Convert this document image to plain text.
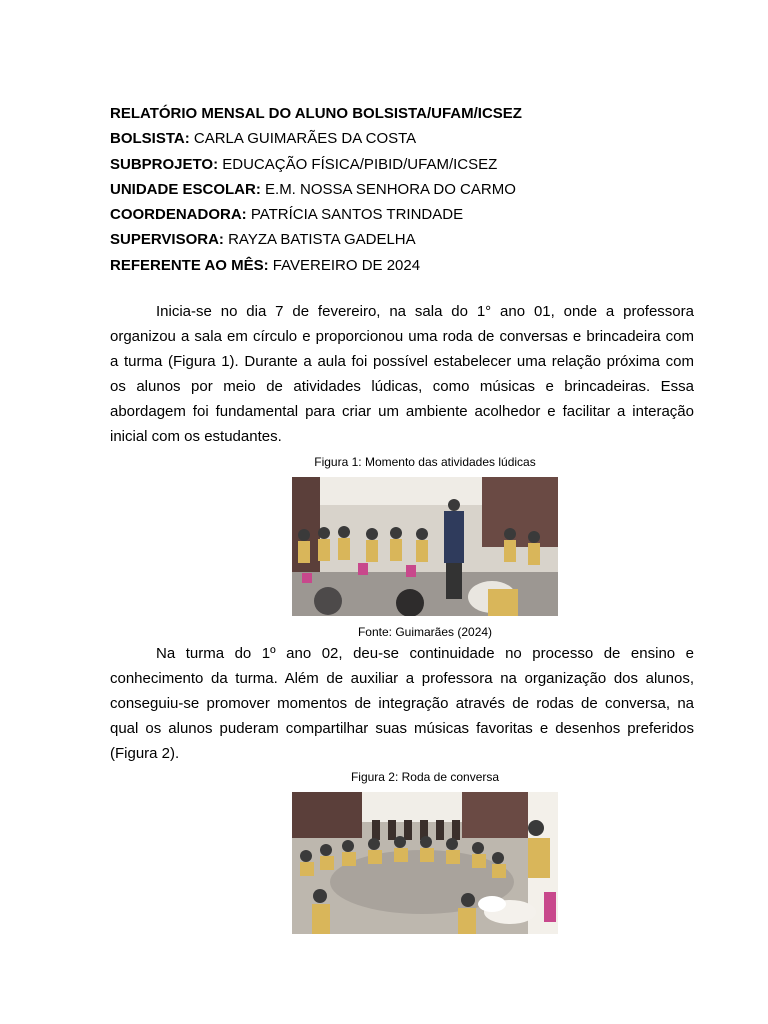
RELATÓRIO MENSAL DO ALUNO BOLSISTA/UFAM/ICSEZ
BOLSISTA: CARLA GUIMARÃES DA COSTA
SUBPROJETO: EDUCAÇÃO FÍSICA/PIBID/UFAM/ICSEZ
UNIDADE ESCOLAR: E.M. NOSSA SENHORA DO CARMO
COORDENADORA: PATRÍCIA SANTOS TRINDADE
SUPERVISORA: RAYZA BATISTA GADELHA
REFERENTE AO MÊS: FAVEREIRO DE 2024

Inicia-se no dia 7 de fevereiro, na sala do 1° ano 01, onde a professora organizou a sala em círculo e proporcionou uma roda de conversas e brincadeira com a turma (Figura 1). Durante a aula foi possível estabelecer uma relação próxima com os alunos por meio de atividades lúdicas, como músicas e brincadeiras. Essa abordagem foi fundamental para criar um ambiente acolhedor e facilitar a interação inicial com os estudantes.

Figura 1: Momento das atividades lúdicas
Fonte: Guimarães (2024)

Na turma do 1º ano 02, deu-se continuidade no processo de ensino e conhecimento da turma. Além de auxiliar a professora na organização dos alunos, conseguiu-se promover momentos de integração através de rodas de conversa, na qual os alunos puderam compartilhar suas músicas favoritas e desenhos preferidos (Figura 2).

Figura 2: Roda de conversa
